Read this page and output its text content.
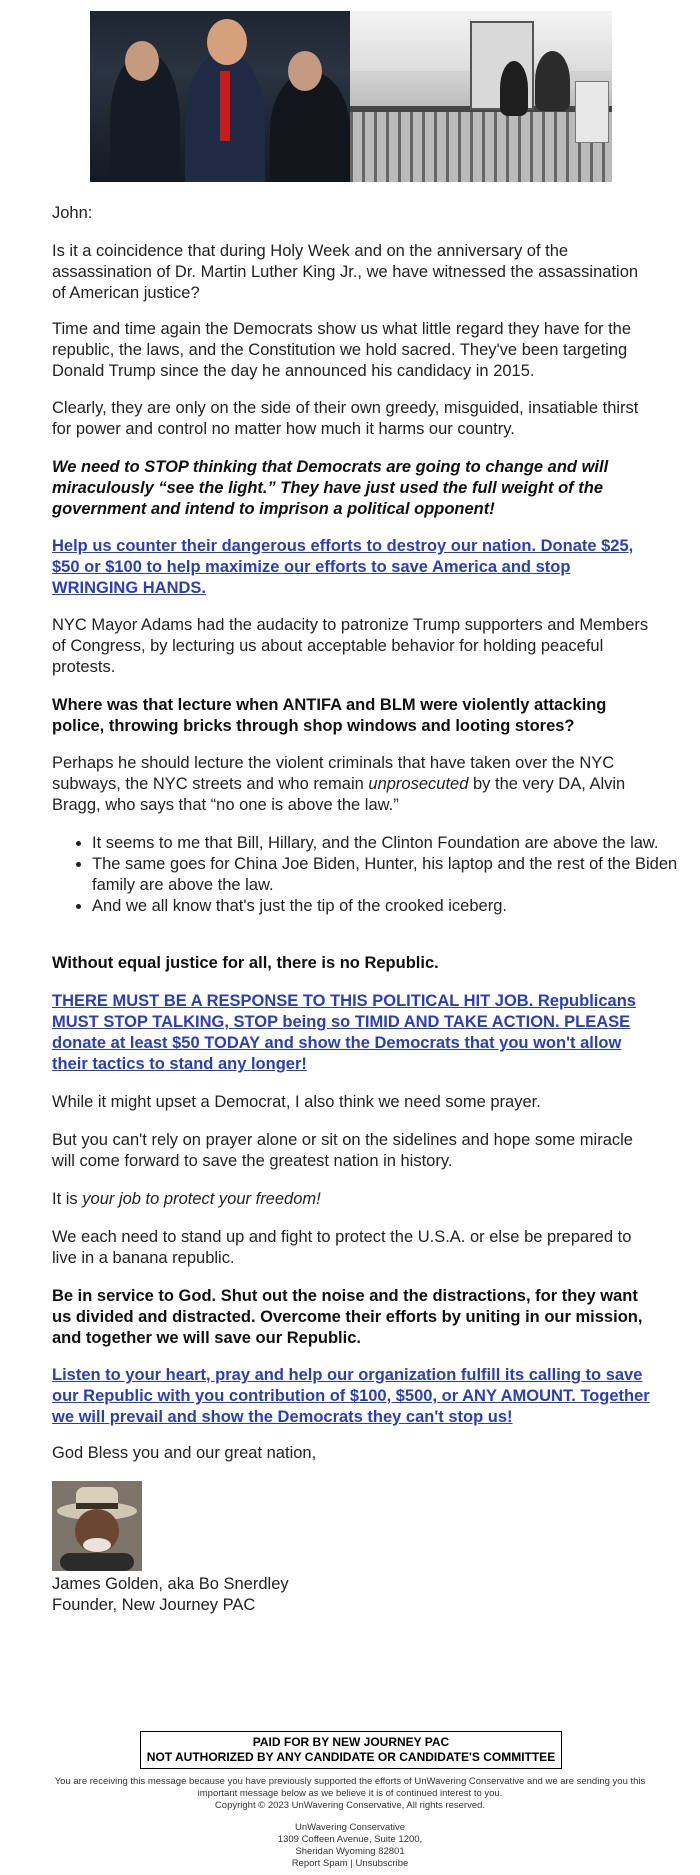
John:

Is it a coincidence that during Holy Week and on the anniversary of the assassination of Dr. Martin Luther King Jr., we have witnessed the assassination of American justice?

Time and time again the Democrats show us what little regard they have for the republic, the laws, and the Constitution we hold sacred. They've been targeting Donald Trump since the day he announced his candidacy in 2015.

Clearly, they are only on the side of their own greedy, misguided, insatiable thirst for power and control no matter how much it harms our country.

We need to STOP thinking that Democrats are going to change and will miraculously “see the light.” They have just used the full weight of the government and intend to imprison a political opponent!

Help us counter their dangerous efforts to destroy our nation. Donate $25, $50 or $100 to help maximize our efforts to save America and stop WRINGING HANDS.

NYC Mayor Adams had the audacity to patronize Trump supporters and Members of Congress, by lecturing us about acceptable behavior for holding peaceful protests.

Where was that lecture when ANTIFA and BLM were violently attacking police, throwing bricks through shop windows and looting stores?

Perhaps he should lecture the violent criminals that have taken over the NYC subways, the NYC streets and who remain unprosecuted by the very DA, Alvin Bragg, who says that “no one is above the law.”

• It seems to me that Bill, Hillary, and the Clinton Foundation are above the law.
• The same goes for China Joe Biden, Hunter, his laptop and the rest of the Biden family are above the law.
• And we all know that's just the tip of the crooked iceberg.

Without equal justice for all, there is no Republic.

THERE MUST BE A RESPONSE TO THIS POLITICAL HIT JOB. Republicans MUST STOP TALKING, STOP being so TIMID AND TAKE ACTION. PLEASE donate at least $50 TODAY and show the Democrats that you won't allow their tactics to stand any longer!

While it might upset a Democrat, I also think we need some prayer.

But you can't rely on prayer alone or sit on the sidelines and hope some miracle will come forward to save the greatest nation in history.

It is your job to protect your freedom!

We each need to stand up and fight to protect the U.S.A. or else be prepared to live in a banana republic.

Be in service to God. Shut out the noise and the distractions, for they want us divided and distracted. Overcome their efforts by uniting in our mission, and together we will save our Republic.

Listen to your heart, pray and help our organization fulfill its calling to save our Republic with you contribution of $100, $500, or ANY AMOUNT. Together we will prevail and show the Democrats they can't stop us!

God Bless you and our great nation,

James Golden, aka Bo Snerdley

Founder, New Journey PAC

PAID FOR BY NEW JOURNEY PAC
NOT AUTHORIZED BY ANY CANDIDATE OR CANDIDATE'S COMMITTEE
You are receiving this message because you have previously supported the efforts of UnWavering Conservative and we are sending you this important message below as we believe it is of continued interest to you.
Copyright © 2023 UnWavering Conservative, All rights reserved.
UnWavering Conservative
1309 Coffeen Avenue, Suite 1200,
Sheridan Wyoming 82801
Report Spam | Unsubscribe
